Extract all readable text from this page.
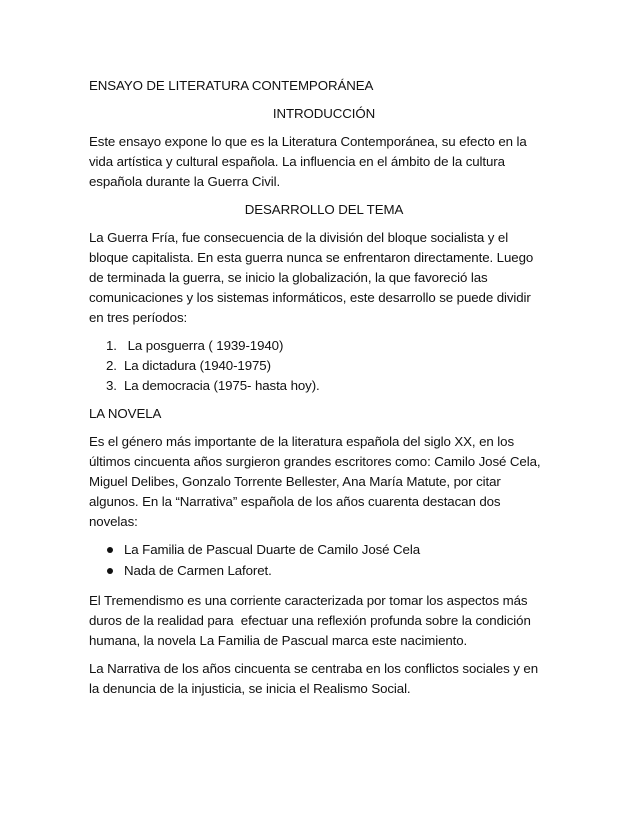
ENSAYO DE LITERATURA CONTEMPORÁNEA
INTRODUCCIÓN
Este ensayo expone lo que es la Literatura Contemporánea, su efecto en la
vida artística y cultural española. La influencia en el ámbito de la cultura
española durante la Guerra Civil.
DESARROLLO DEL TEMA
La Guerra Fría, fue consecuencia de la división del bloque socialista y el
bloque capitalista. En esta guerra nunca se enfrentaron directamente. Luego
de terminada la guerra, se inicio la globalización, la que favoreció las
comunicaciones y los sistemas informáticos, este desarrollo se puede dividir
en tres períodos:
1. La posguerra ( 1939-1940)
2. La dictadura (1940-1975)
3. La democracia (1975- hasta hoy).
LA NOVELA
Es el género más importante de la literatura española del siglo XX, en los
últimos cincuenta años surgieron grandes escritores como: Camilo José Cela,
Miguel Delibes, Gonzalo Torrente Bellester, Ana María Matute, por citar
algunos. En la “Narrativa” española de los años cuarenta destacan dos
novelas:
La Familia de Pascual Duarte de Camilo José Cela
Nada de Carmen Laforet.
El Tremendismo es una corriente caracterizada por tomar los aspectos más
duros de la realidad para  efectuar una reflexión profunda sobre la condición
humana, la novela La Familia de Pascual marca este nacimiento.
La Narrativa de los años cincuenta se centraba en los conflictos sociales y en
la denuncia de la injusticia, se inicia el Realismo Social.
